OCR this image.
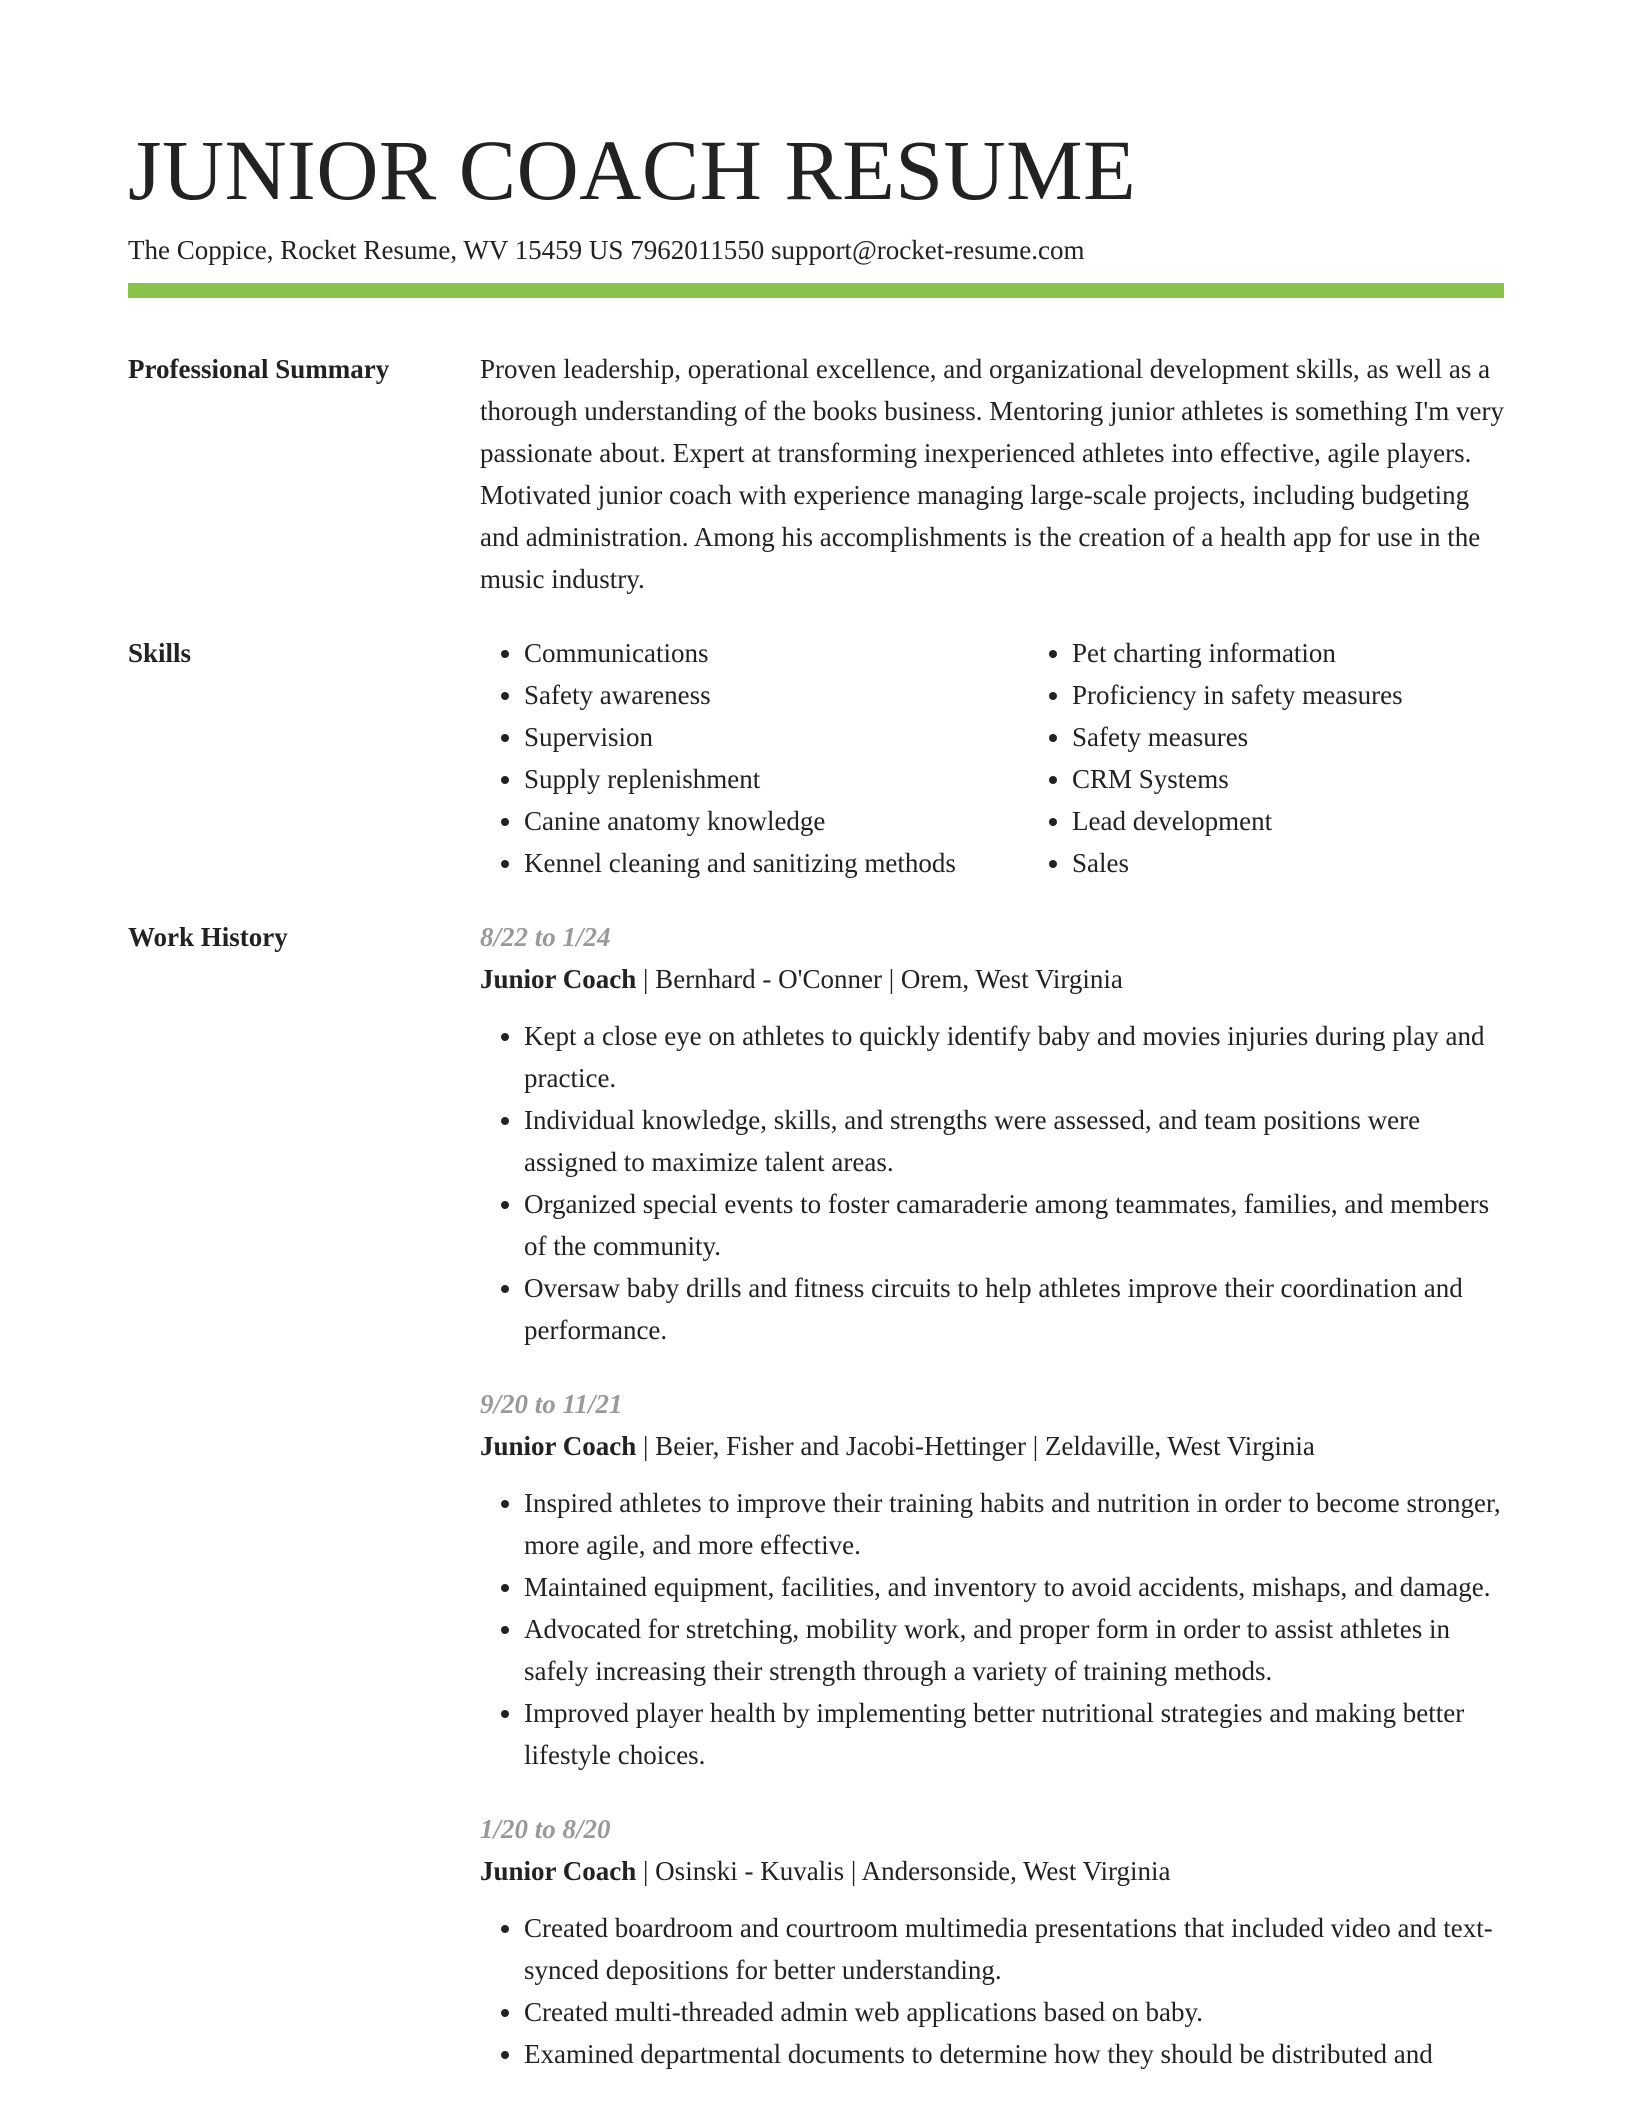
JUNIOR COACH RESUME
The Coppice, Rocket Resume, WV 15459 US 7962011550 support@rocket-resume.com
Professional Summary	Proven leadership, operational excellence, and organizational development skills, as well as a thorough understanding of the books business. Mentoring junior athletes is something I'm very passionate about. Expert at transforming inexperienced athletes into effective, agile players. Motivated junior coach with experience managing large-scale projects, including budgeting and administration. Among his accomplishments is the creation of a health app for use in the music industry.
Skills
•	Communications
• Safety awareness
• Supervision
• Supply replenishment
• Canine anatomy knowledge
• Kennel cleaning and sanitizing methods
• Pet charting information
• Proficiency in safety measures
• Safety measures
• CRM Systems
• Lead development
• Sales
Work History	8/22 to 1/24
Junior Coach | Bernhard - O'Conner | Orem, West Virginia
• Kept a close eye on athletes to quickly identify baby and movies injuries during play and practice.
• Individual knowledge, skills, and strengths were assessed, and team positions were assigned to maximize talent areas.
• Organized special events to foster camaraderie among teammates, families, and members of the community.
• Oversaw baby drills and fitness circuits to help athletes improve their coordination and performance.
9/20 to 11/21
Junior Coach | Beier, Fisher and Jacobi-Hettinger | Zeldaville, West Virginia
• Inspired athletes to improve their training habits and nutrition in order to become stronger, more agile, and more effective.
• Maintained equipment, facilities, and inventory to avoid accidents, mishaps, and damage.
• Advocated for stretching, mobility work, and proper form in order to assist athletes in safely increasing their strength through a variety of training methods.
• Improved player health by implementing better nutritional strategies and making better lifestyle choices.
1/20 to 8/20
Junior Coach | Osinski - Kuvalis | Andersonside, West Virginia
• Created boardroom and courtroom multimedia presentations that included video and text-synced depositions for better understanding.
• Created multi-threaded admin web applications based on baby.
• Examined departmental documents to determine how they should be distributed and
